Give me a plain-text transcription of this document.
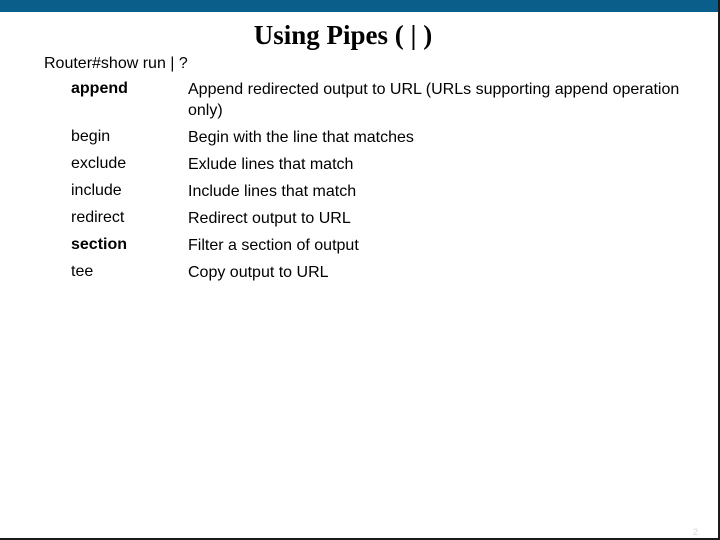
Using Pipes ( | )
Router#show run | ?
append	Append redirected output to URL (URLs supporting append operation only)
begin	Begin with the line that matches
exclude	Exlude lines that match
include	Include lines that match
redirect	Redirect output to URL
section	Filter a section of output
tee	Copy output to URL
2
